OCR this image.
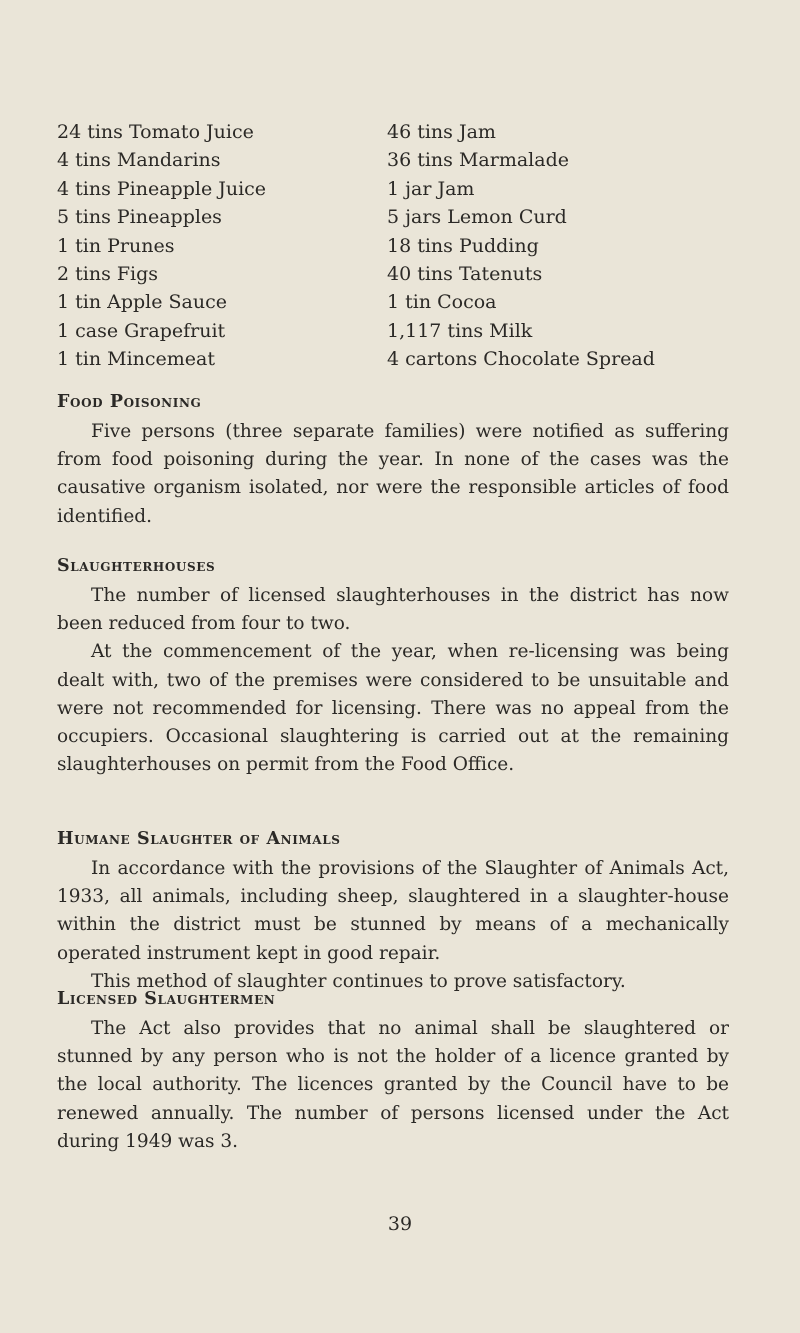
24 tins Tomato Juice
4 tins Mandarins
4 tins Pineapple Juice
5 tins Pineapples
1 tin Prunes
2 tins Figs
1 tin Apple Sauce
1 case Grapefruit
1 tin Mincemeat
46 tins Jam
36 tins Marmalade
1 jar Jam
5 jars Lemon Curd
18 tins Pudding
40 tins Tatenuts
1 tin Cocoa
1,117 tins Milk
4 cartons Chocolate Spread
Food Poisoning

Five persons (three separate families) were notified as suffering from food poisoning during the year. In none of the cases was the causative organism isolated, nor were the responsible articles of food identified.

Slaughterhouses

The number of licensed slaughterhouses in the district has now been reduced from four to two.

At the commencement of the year, when re-licensing was being dealt with, two of the premises were considered to be unsuitable and were not recommended for licensing. There was no appeal from the occupiers. Occasional slaughtering is carried out at the remaining slaughterhouses on permit from the Food Office.

Humane Slaughter of Animals

In accordance with the provisions of the Slaughter of Animals Act, 1933, all animals, including sheep, slaughtered in a slaughter-house within the district must be stunned by means of a mechanically operated instrument kept in good repair.

This method of slaughter continues to prove satisfactory.

Licensed Slaughtermen

The Act also provides that no animal shall be slaughtered or stunned by any person who is not the holder of a licence granted by the local authority. The licences granted by the Council have to be renewed annually. The number of persons licensed under the Act during 1949 was 3.

39
